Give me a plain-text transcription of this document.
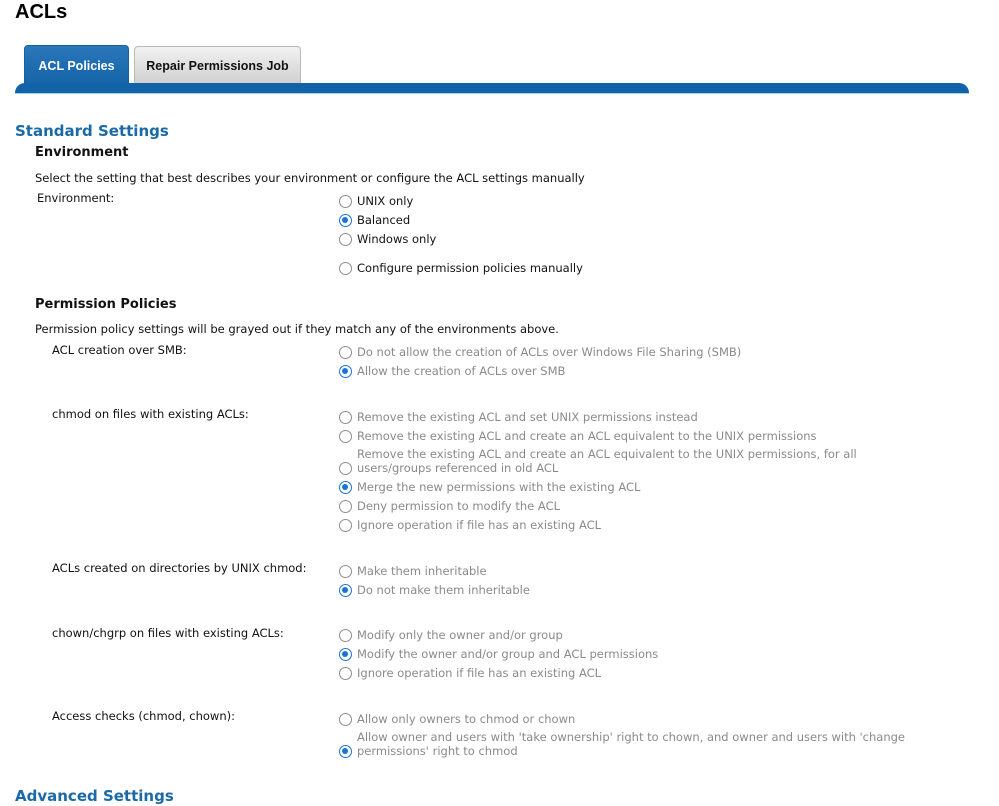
ACLs
ACL Policies	Repair Permissions Job
Standard Settings
Environment
Select the setting that best describes your environment or configure the ACL settings manually
Environment:	UNIX only
Balanced
Windows only
Configure permission policies manually
Permission Policies
Permission policy settings will be grayed out if they match any of the environments above.
ACL creation over SMB:	Do not allow the creation of ACLs over Windows File Sharing (SMB)
Allow the creation of ACLs over SMB
chmod on files with existing ACLs:	Remove the existing ACL and set UNIX permissions instead
Remove the existing ACL and create an ACL equivalent to the UNIX permissions
Remove the existing ACL and create an ACL equivalent to the UNIX permissions, for all users/groups referenced in old ACL
Merge the new permissions with the existing ACL
Deny permission to modify the ACL
Ignore operation if file has an existing ACL
ACLs created on directories by UNIX chmod:	Make them inheritable
Do not make them inheritable
chown/chgrp on files with existing ACLs:	Modify only the owner and/or group
Modify the owner and/or group and ACL permissions
Ignore operation if file has an existing ACL
Access checks (chmod, chown):	Allow only owners to chmod or chown
Allow owner and users with 'take ownership' right to chown, and owner and users with 'change permissions' right to chmod
Advanced Settings
